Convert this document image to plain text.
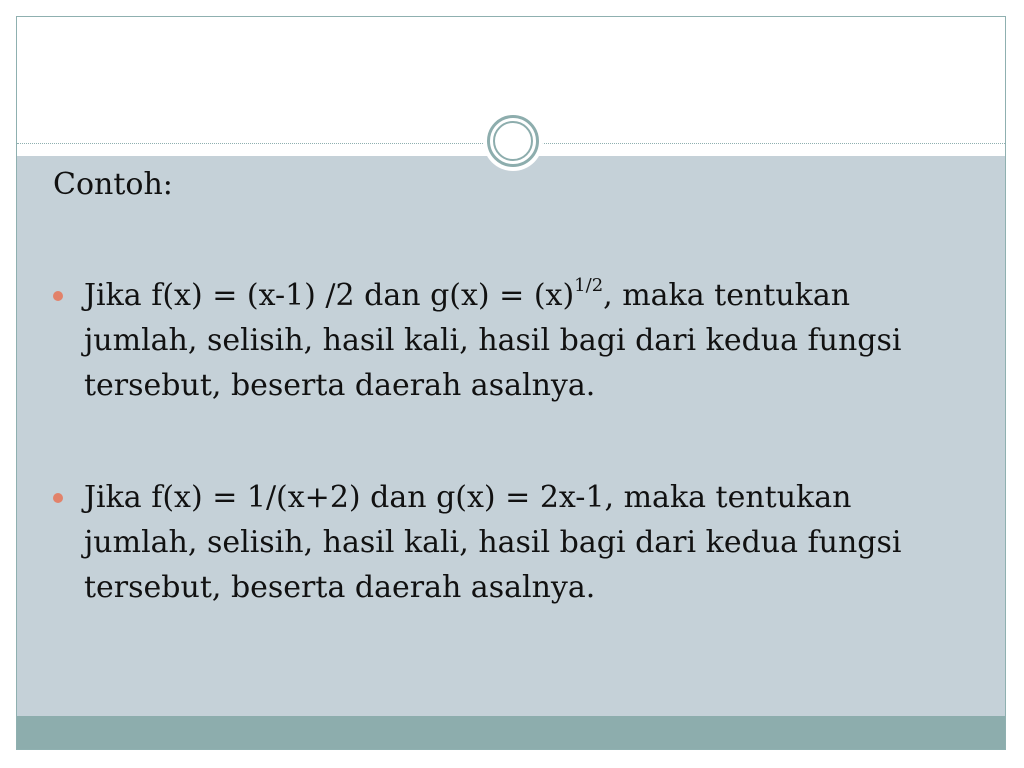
Contoh:
Jika f(x) = (x-1) /2 dan $g(x) = (x)^{1/2}$, maka tentukan jumlah, selisih, hasil kali, hasil bagi dari kedua fungsi tersebut, beserta daerah asalnya.
Jika f(x) = 1/(x+2) dan g(x) = 2x-1, maka tentukan jumlah, selisih, hasil kali, hasil bagi dari kedua fungsi tersebut, beserta daerah asalnya.
